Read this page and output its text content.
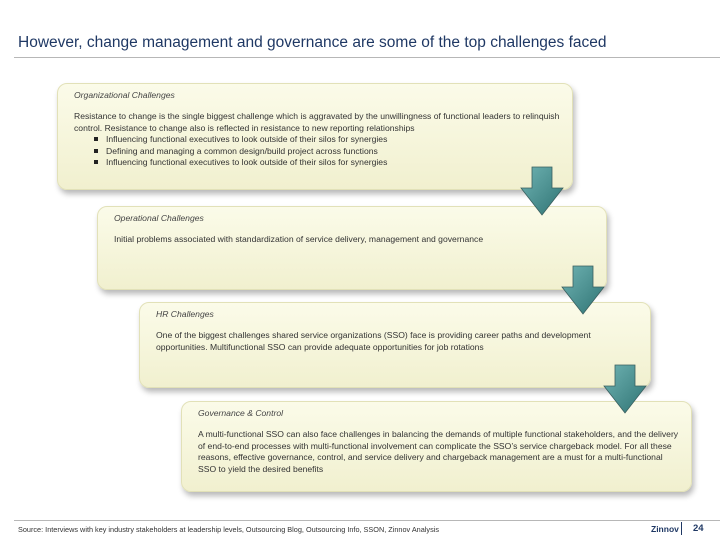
However, change management and governance are some of the top challenges faced
Organizational Challenges

Resistance to change is the single biggest challenge which is aggravated by the unwillingness of functional leaders to relinquish control. Resistance to change also is reflected in resistance to new reporting relationships

Influencing functional executives to look outside of their silos for synergies
Defining and managing a common design/build project across functions
Influencing functional executives to look outside of their silos for synergies
Operational Challenges

Initial problems associated with standardization of service delivery, management and governance

HR Challenges

One of the biggest challenges shared service organizations (SSO) face is providing career paths and development opportunities. Multifunctional SSO can provide adequate opportunities for job rotations

Governance & Control

A multi-functional SSO can also face challenges in balancing the demands of multiple functional stakeholders, and the delivery of end-to-end processes with multi-functional involvement can complicate the SSO’s service chargeback model. For all these reasons, effective governance, control, and service delivery and chargeback management are a must for a multi-functional SSO to yield the desired benefits

Source: Interviews with key industry stakeholders at leadership levels, Outsourcing Blog, Outsourcing Info, SSON, Zinnov Analysis	Zinnov 24
